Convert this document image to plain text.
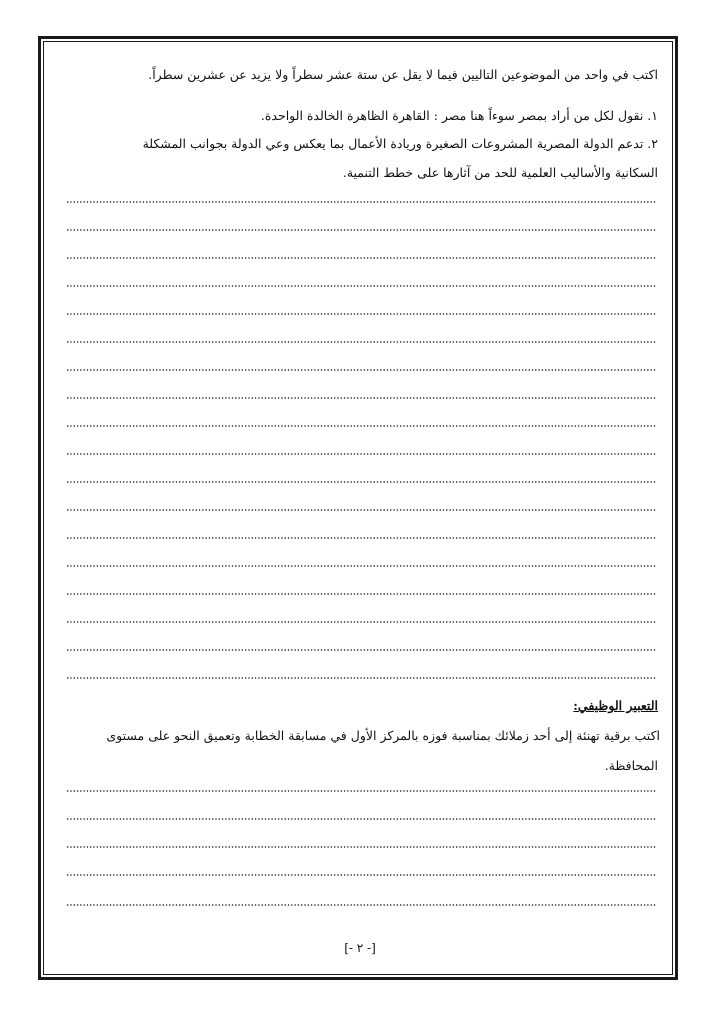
اكتب في واحد من الموضوعين التاليين فيما لا يقل عن ستة عشر سطراً ولا يزيد عن عشرين سطراً.
١. نقول لكل من أراد بمصر سوءاً هنا مصر : القاهرة الظاهرة الخالدة الواحدة.
٢. تدعم الدولة المصرية المشروعات الصغيرة وريادة الأعمال بما يعكس وعي الدولة بجوانب المشكلة
السكانية والأساليب العلمية للحد من آثارها على خطط التنمية.
التعبير الوظيفي:
اكتب برقية تهنئة إلى أحد زملائك بمناسبة فوزه بالمركز الأول في مسابقة الخطابة وتعميق النحو على مستوى
المحافظة.
[- ٢ -]
